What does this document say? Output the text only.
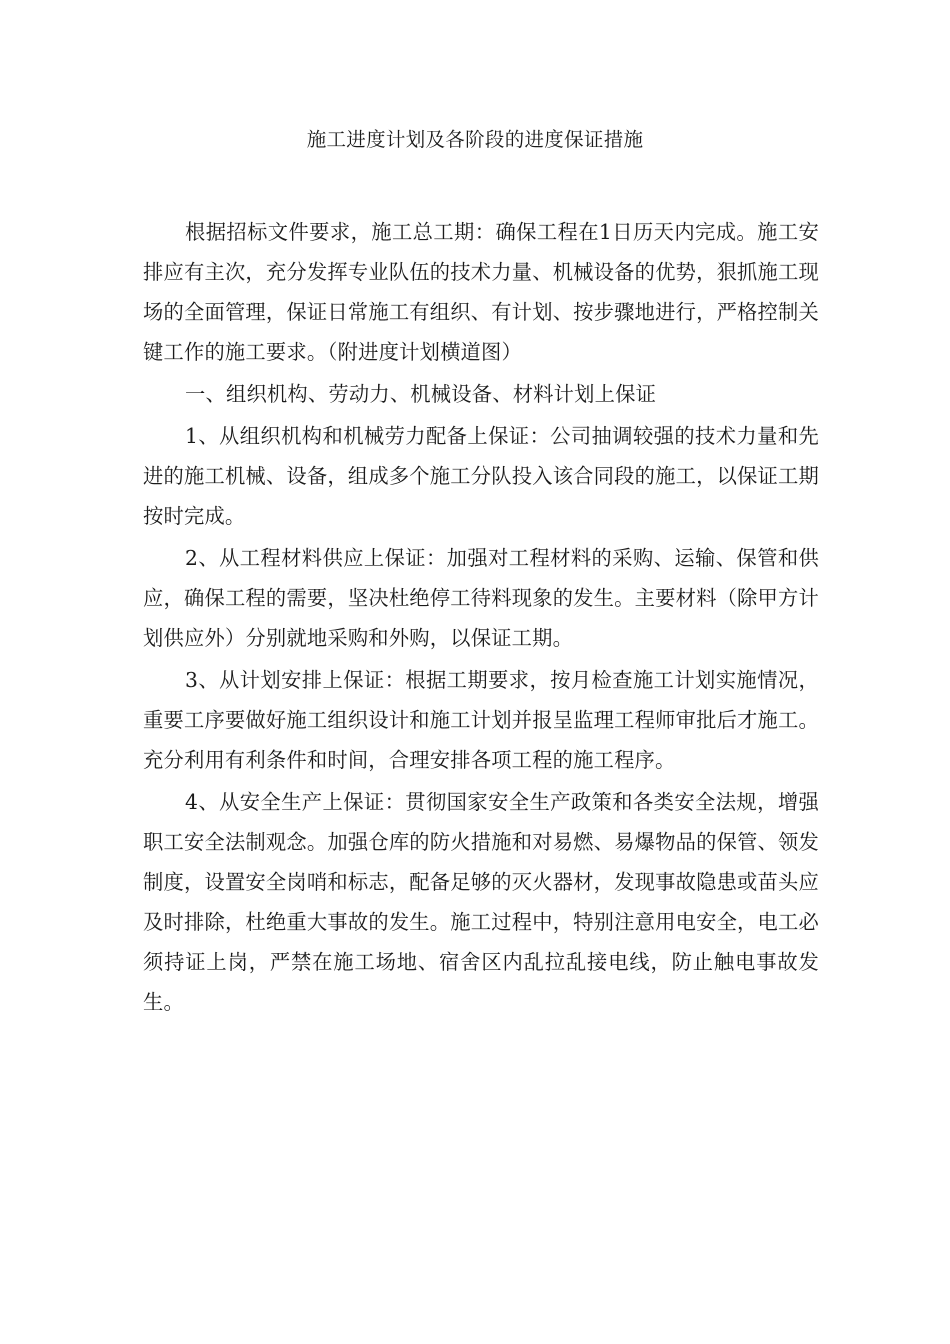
施工进度计划及各阶段的进度保证措施

根据招标文件要求，施工总工期：确保工程在1日历天内完成。施工安排应有主次，充分发挥专业队伍的技术力量、机械设备的优势，狠抓施工现场的全面管理，保证日常施工有组织、有计划、按步骤地进行，严格控制关键工作的施工要求。（附进度计划横道图）

一、组织机构、劳动力、机械设备、材料计划上保证

1、从组织机构和机械劳力配备上保证：公司抽调较强的技术力量和先进的施工机械、设备，组成多个施工分队投入该合同段的施工，以保证工期按时完成。

2、从工程材料供应上保证：加强对工程材料的采购、运输、保管和供应，确保工程的需要，坚决杜绝停工待料现象的发生。主要材料（除甲方计划供应外）分别就地采购和外购，以保证工期。

3、从计划安排上保证：根据工期要求，按月检查施工计划实施情况，重要工序要做好施工组织设计和施工计划并报呈监理工程师审批后才施工。充分利用有利条件和时间，合理安排各项工程的施工程序。

4、从安全生产上保证：贯彻国家安全生产政策和各类安全法规，增强职工安全法制观念。加强仓库的防火措施和对易燃、易爆物品的保管、领发制度，设置安全岗哨和标志，配备足够的灭火器材，发现事故隐患或苗头应及时排除，杜绝重大事故的发生。施工过程中，特别注意用电安全，电工必须持证上岗，严禁在施工场地、宿舍区内乱拉乱接电线，防止触电事故发生。
